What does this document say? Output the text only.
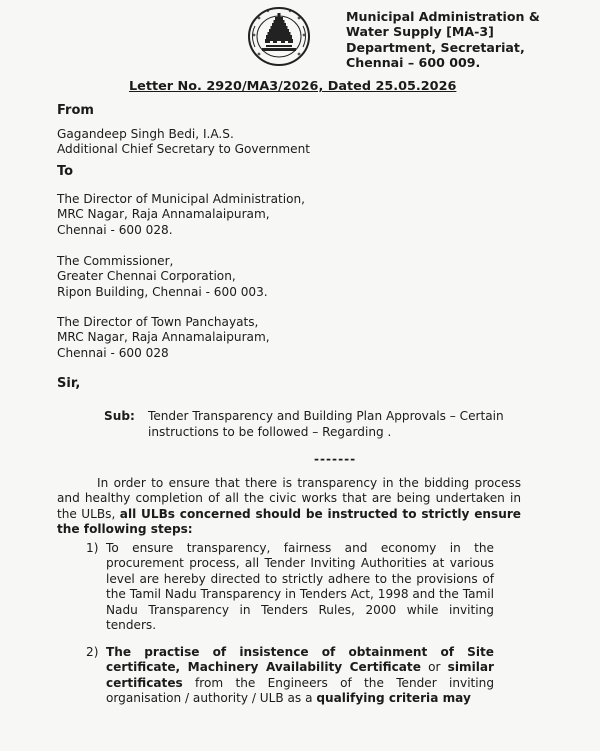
Municipal Administration &
Water Supply [MA-3]
Department, Secretariat,
Chennai – 600 009.
Letter No. 2920/MA3/2026, Dated 25.05.2026
From
Gagandeep Singh Bedi, I.A.S.
Additional Chief Secretary to Government
To
The Director of Municipal Administration,
MRC Nagar, Raja Annamalaipuram,
Chennai - 600 028.
The Commissioner,
Greater Chennai Corporation,
Ripon Building, Chennai - 600 003.
The Director of Town Panchayats,
MRC Nagar, Raja Annamalaipuram,
Chennai - 600 028
Sir,
Sub: Tender Transparency and Building Plan Approvals – Certain instructions to be followed – Regarding .
-------
In order to ensure that there is transparency in the bidding process and healthy completion of all the civic works that are being undertaken in the ULBs, all ULBs concerned should be instructed to strictly ensure the following steps:
1) To ensure transparency, fairness and economy in the procurement process, all Tender Inviting Authorities at various level are hereby directed to strictly adhere to the provisions of the Tamil Nadu Transparency in Tenders Act, 1998 and the Tamil Nadu Transparency in Tenders Rules, 2000 while inviting tenders.
2) The practise of insistence of obtainment of Site certificate, Machinery Availability Certificate or similar certificates from the Engineers of the Tender inviting organisation / authority / ULB as a qualifying criteria may
